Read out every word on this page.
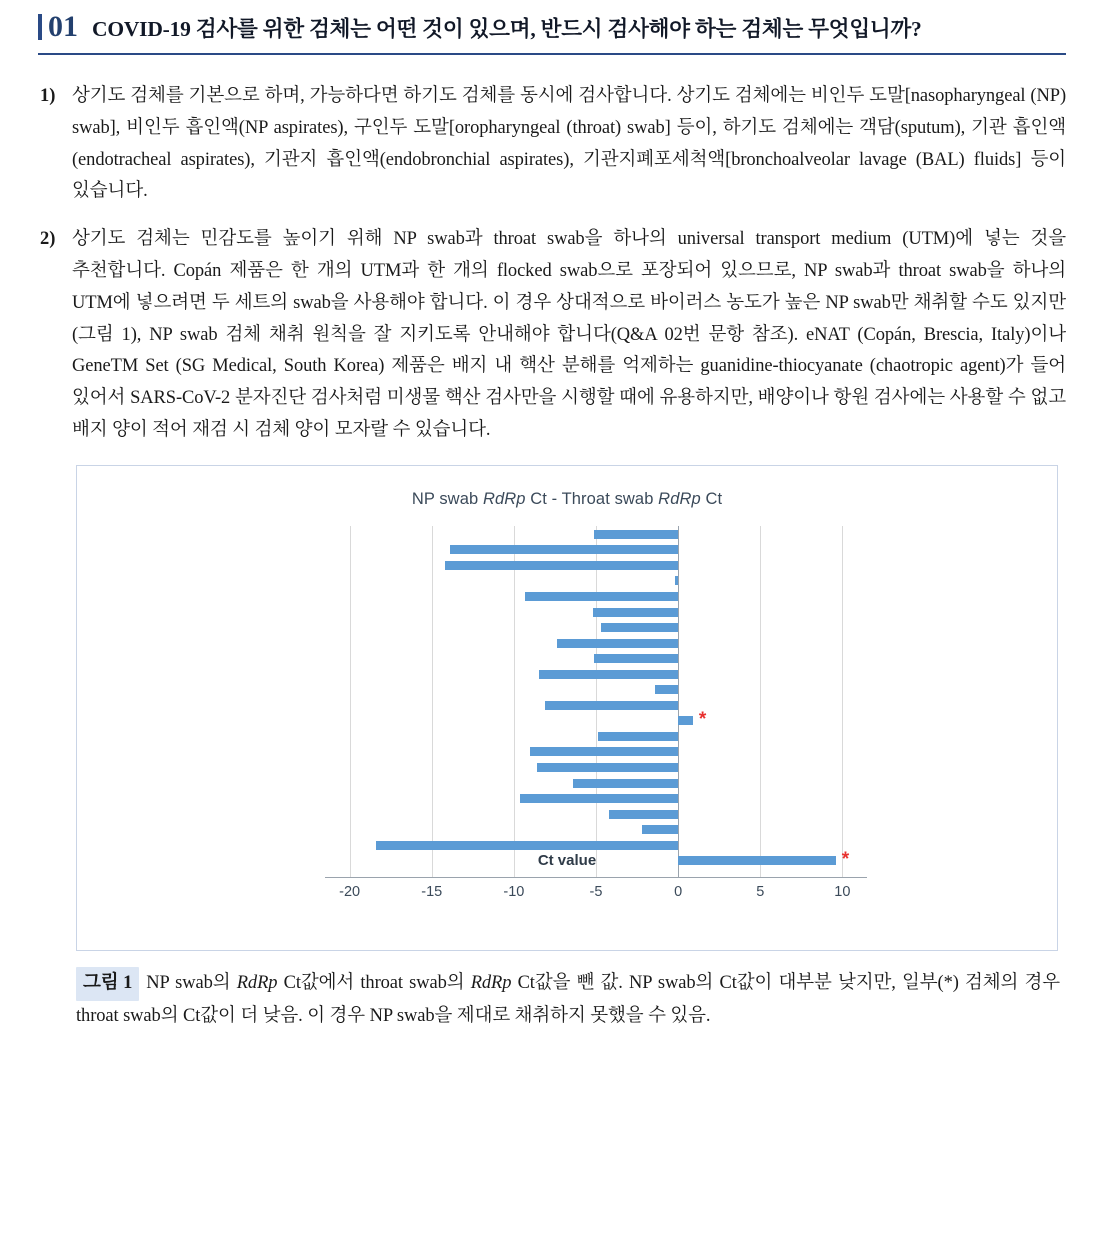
01 COVID-19 검사를 위한 검체는 어떤 것이 있으며, 반드시 검사해야 하는 검체는 무엇입니까?
1) 상기도 검체를 기본으로 하며, 가능하다면 하기도 검체를 동시에 검사합니다. 상기도 검체에는 비인두 도말[nasopharyngeal (NP) swab], 비인두 흡인액(NP aspirates), 구인두 도말[oropharyngeal (throat) swab] 등이, 하기도 검체에는 객담(sputum), 기관 흡인액(endotracheal aspirates), 기관지 흡인액(endobronchial aspirates), 기관지폐포세척액[bronchoalveolar lavage (BAL) fluids] 등이 있습니다.
2) 상기도 검체는 민감도를 높이기 위해 NP swab과 throat swab을 하나의 universal transport medium (UTM)에 넣는 것을 추천합니다. Copán 제품은 한 개의 UTM과 한 개의 flocked swab으로 포장되어 있으므로, NP swab과 throat swab을 하나의 UTM에 넣으려면 두 세트의 swab을 사용해야 합니다. 이 경우 상대적으로 바이러스 농도가 높은 NP swab만 채취할 수도 있지만(그림 1), NP swab 검체 채취 원칙을 잘 지키도록 안내해야 합니다(Q&A 02번 문항 참조). eNAT (Copán, Brescia, Italy)이나 GeneTM Set (SG Medical, South Korea) 제품은 배지 내 핵산 분해를 억제하는 guanidine-thiocyanate (chaotropic agent)가 들어 있어서 SARS-CoV-2 분자진단 검사처럼 미생물 핵산 검사만을 시행할 때에 유용하지만, 배양이나 항원 검사에는 사용할 수 없고 배지 양이 적어 재검 시 검체 양이 모자랄 수 있습니다.
NP swab RdRp Ct - Throat swab RdRp Ct
*
*
-20	-15	-10	-5	0	5	10
Ct value
그림 1 NP swab의 RdRp Ct값에서 throat swab의 RdRp Ct값을 뺀 값. NP swab의 Ct값이 대부분 낮지만, 일부(*) 검체의 경우 throat swab의 Ct값이 더 낮음. 이 경우 NP swab을 제대로 채취하지 못했을 수 있음.
